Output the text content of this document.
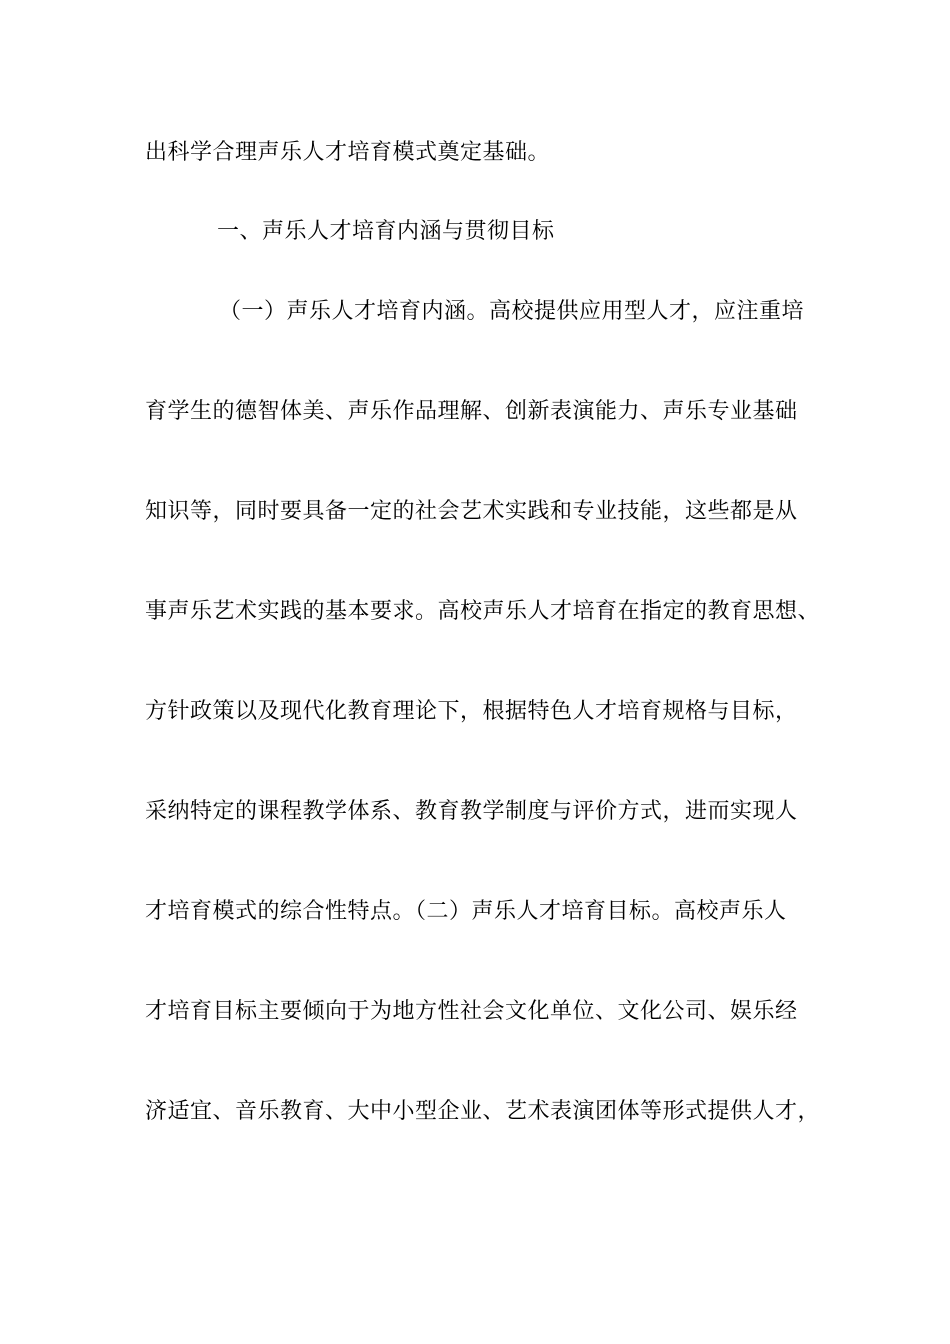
出科学合理声乐人才培育模式奠定基础。
一、声乐人才培育内涵与贯彻目标
（一）声乐人才培育内涵。高校提供应用型人才，应注重培
育学生的德智体美、声乐作品理解、创新表演能力、声乐专业基础
知识等，同时要具备一定的社会艺术实践和专业技能，这些都是从
事声乐艺术实践的基本要求。高校声乐人才培育在指定的教育思想、
方针政策以及现代化教育理论下，根据特色人才培育规格与目标，
采纳特定的课程教学体系、教育教学制度与评价方式，进而实现人
才培育模式的综合性特点。（二）声乐人才培育目标。高校声乐人
才培育目标主要倾向于为地方性社会文化单位、文化公司、娱乐经
济适宜、音乐教育、大中小型企业、艺术表演团体等形式提供人才，
